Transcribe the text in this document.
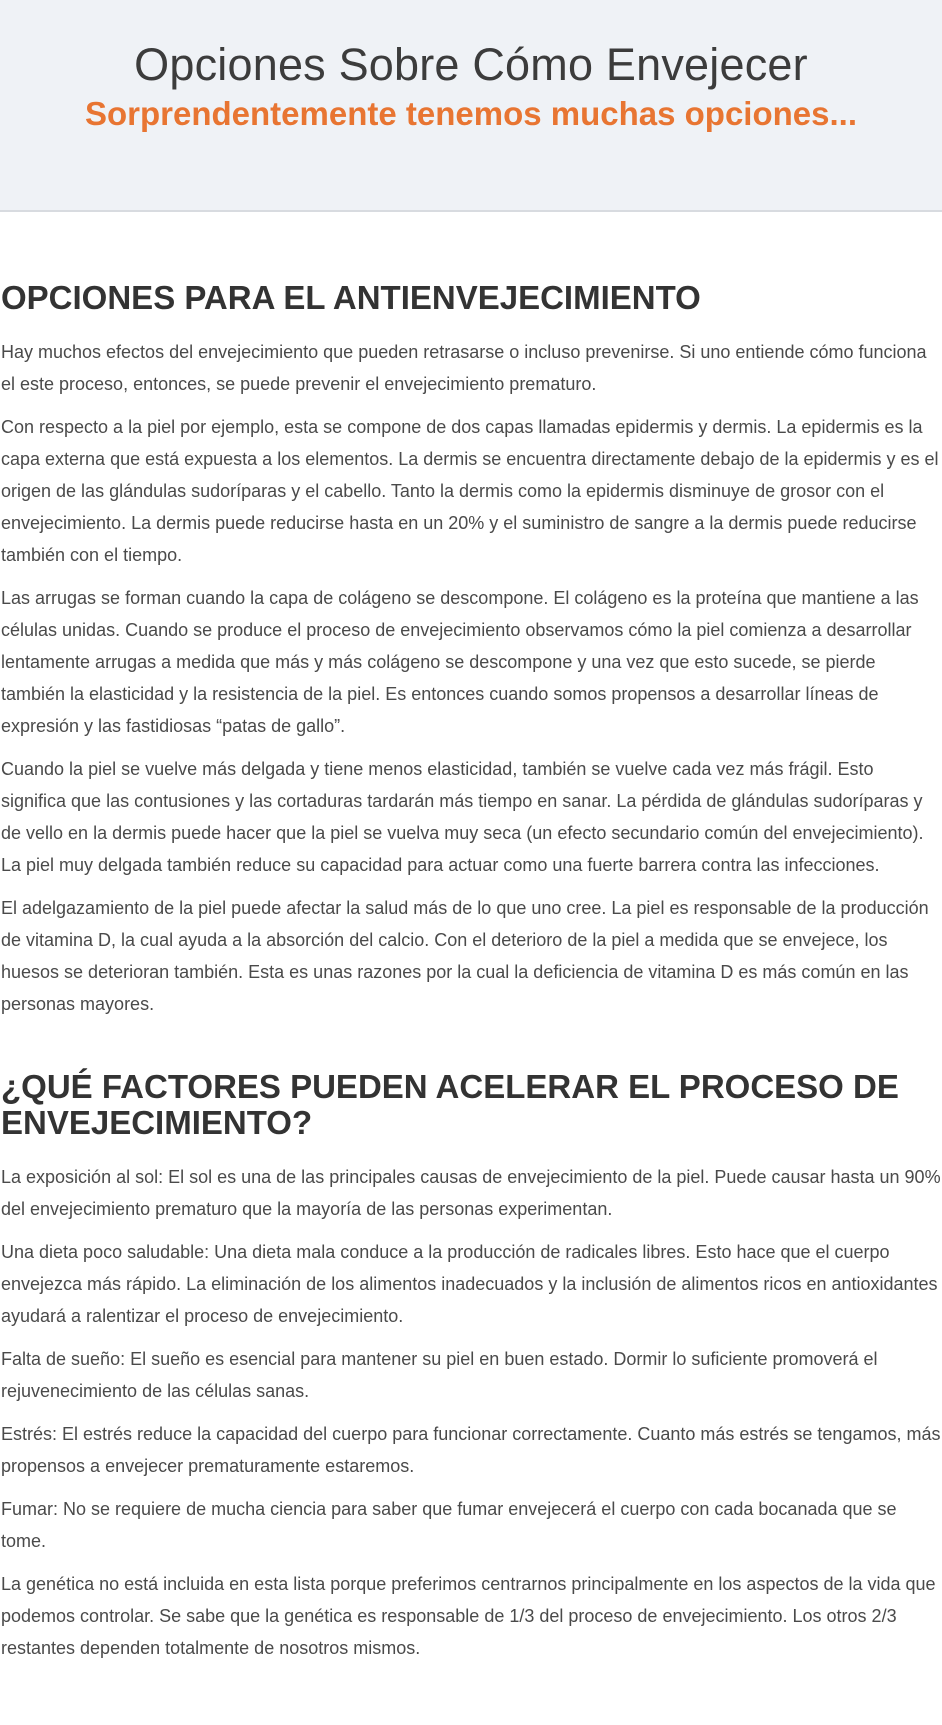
Opciones Sobre Cómo Envejecer
Sorprendentemente tenemos muchas opciones...
OPCIONES PARA EL ANTIENVEJECIMIENTO

Hay muchos efectos del envejecimiento que pueden retrasarse o incluso prevenirse. Si uno entiende cómo funciona el este proceso, entonces, se puede prevenir el envejecimiento prematuro.

Con respecto a la piel por ejemplo, esta se compone de dos capas llamadas epidermis y dermis. La epidermis es la capa externa que está expuesta a los elementos. La dermis se encuentra directamente debajo de la epidermis y es el origen de las glándulas sudoríparas y el cabello. Tanto la dermis como la epidermis disminuye de grosor con el envejecimiento. La dermis puede reducirse hasta en un 20% y el suministro de sangre a la dermis puede reducirse también con el tiempo.

Las arrugas se forman cuando la capa de colágeno se descompone. El colágeno es la proteína que mantiene a las células unidas. Cuando se produce el proceso de envejecimiento observamos cómo la piel comienza a desarrollar lentamente arrugas a medida que más y más colágeno se descompone y una vez que esto sucede, se pierde también la elasticidad y la resistencia de la piel. Es entonces cuando somos propensos a desarrollar líneas de expresión y las fastidiosas “patas de gallo”.

Cuando la piel se vuelve más delgada y tiene menos elasticidad, también se vuelve cada vez más frágil. Esto significa que las contusiones y las cortaduras tardarán más tiempo en sanar. La pérdida de glándulas sudoríparas y de vello en la dermis puede hacer que la piel se vuelva muy seca (un efecto secundario común del envejecimiento). La piel muy delgada también reduce su capacidad para actuar como una fuerte barrera contra las infecciones.

El adelgazamiento de la piel puede afectar la salud más de lo que uno cree. La piel es responsable de la producción de vitamina D, la cual ayuda a la absorción del calcio. Con el deterioro de la piel a medida que se envejece, los huesos se deterioran también. Esta es unas razones por la cual la deficiencia de vitamina D es más común en las personas mayores.

¿QUÉ FACTORES PUEDEN ACELERAR EL PROCESO DE ENVEJECIMIENTO?

La exposición al sol: El sol es una de las principales causas de envejecimiento de la piel. Puede causar hasta un 90% del envejecimiento prematuro que la mayoría de las personas experimentan.

Una dieta poco saludable: Una dieta mala conduce a la producción de radicales libres. Esto hace que el cuerpo envejezca más rápido. La eliminación de los alimentos inadecuados y la inclusión de alimentos ricos en antioxidantes ayudará a ralentizar el proceso de envejecimiento.

Falta de sueño: El sueño es esencial para mantener su piel en buen estado. Dormir lo suficiente promoverá el rejuvenecimiento de las células sanas.

Estrés: El estrés reduce la capacidad del cuerpo para funcionar correctamente. Cuanto más estrés se tengamos, más propensos a envejecer prematuramente estaremos.

Fumar: No se requiere de mucha ciencia para saber que fumar envejecerá el cuerpo con cada bocanada que se tome.

La genética no está incluida en esta lista porque preferimos centrarnos principalmente en los aspectos de la vida que podemos controlar. Se sabe que la genética es responsable de 1/3 del proceso de envejecimiento. Los otros 2/3 restantes dependen totalmente de nosotros mismos.
